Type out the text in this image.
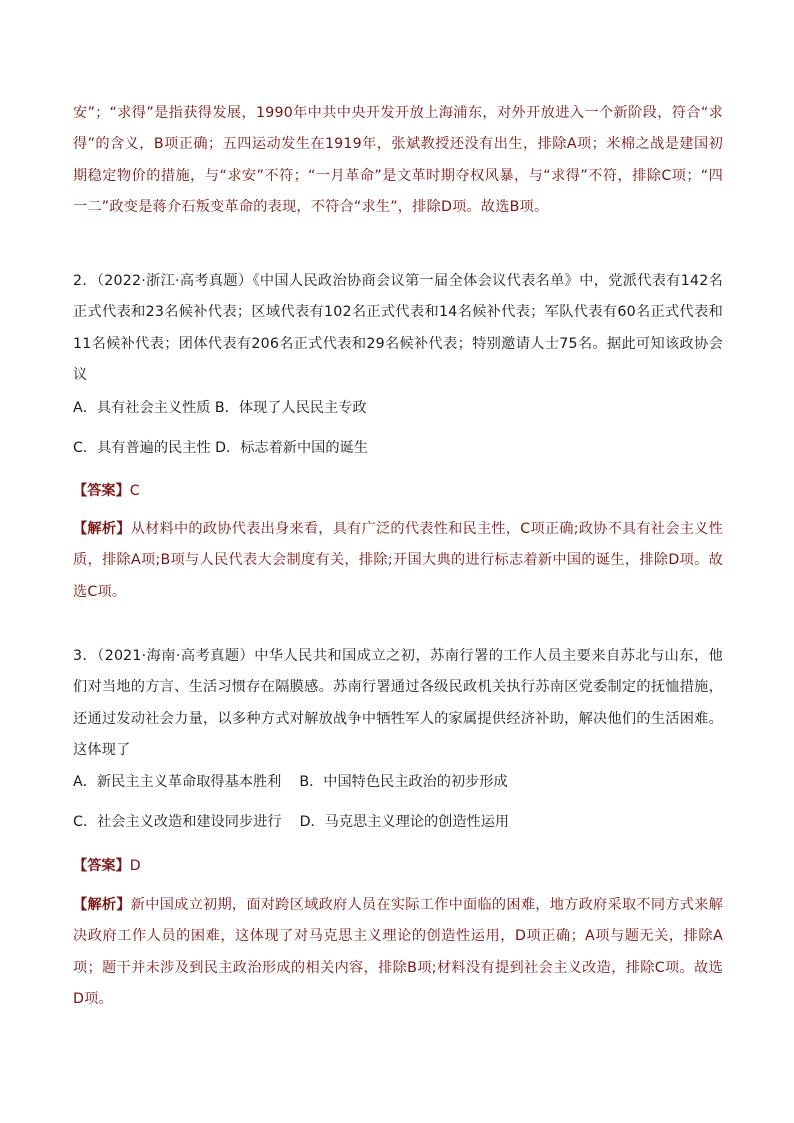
安”；“求得”是指获得发展，1990年中共中央开发开放上海浦东，对外开放进入一个新阶段，符合“求得”的含义，B项正确；五四运动发生在1919年，张斌教授还没有出生，排除A项；米棉之战是建国初期稳定物价的措施，与“求安”不符；“一月革命”是文革时期夺权风暴，与“求得”不符，排除C项；“四一二”政变是蒋介石叛变革命的表现，不符合“求生”，排除D项。故选B项。

2．（2022·浙江·高考真题）《中国人民政治协商会议第一届全体会议代表名单》中，党派代表有142名正式代表和23名候补代表；区域代表有102名正式代表和14名候补代表；军队代表有60名正式代表和11名候补代表；团体代表有206名正式代表和29名候补代表；特别邀请人士75名。据此可知该政协会议

A．具有社会主义性质 B．体现了人民民主专政

C．具有普遍的民主性 D．标志着新中国的诞生

【答案】C

【解析】从材料中的政协代表出身来看，具有广泛的代表性和民主性，C项正确;政协不具有社会主义性质，排除A项;B项与人民代表大会制度有关，排除;开国大典的进行标志着新中国的诞生，排除D项。故选C项。

3．（2021·海南·高考真题）中华人民共和国成立之初，苏南行署的工作人员主要来自苏北与山东，他们对当地的方言、生活习惯存在隔膜感。苏南行署通过各级民政机关执行苏南区党委制定的抚恤措施，还通过发动社会力量，以多种方式对解放战争中牺牲军人的家属提供经济补助，解决他们的生活困难。这体现了

A．新民主主义革命取得基本胜利    B．中国特色民主政治的初步形成

C．社会主义改造和建设同步进行    D．马克思主义理论的创造性运用

【答案】D

【解析】新中国成立初期，面对跨区域政府人员在实际工作中面临的困难，地方政府采取不同方式来解决政府工作人员的困难，这体现了对马克思主义理论的创造性运用，D项正确；A项与题无关，排除A项；题干并未涉及到民主政治形成的相关内容，排除B项;材料没有提到社会主义改造，排除C项。故选D项。
